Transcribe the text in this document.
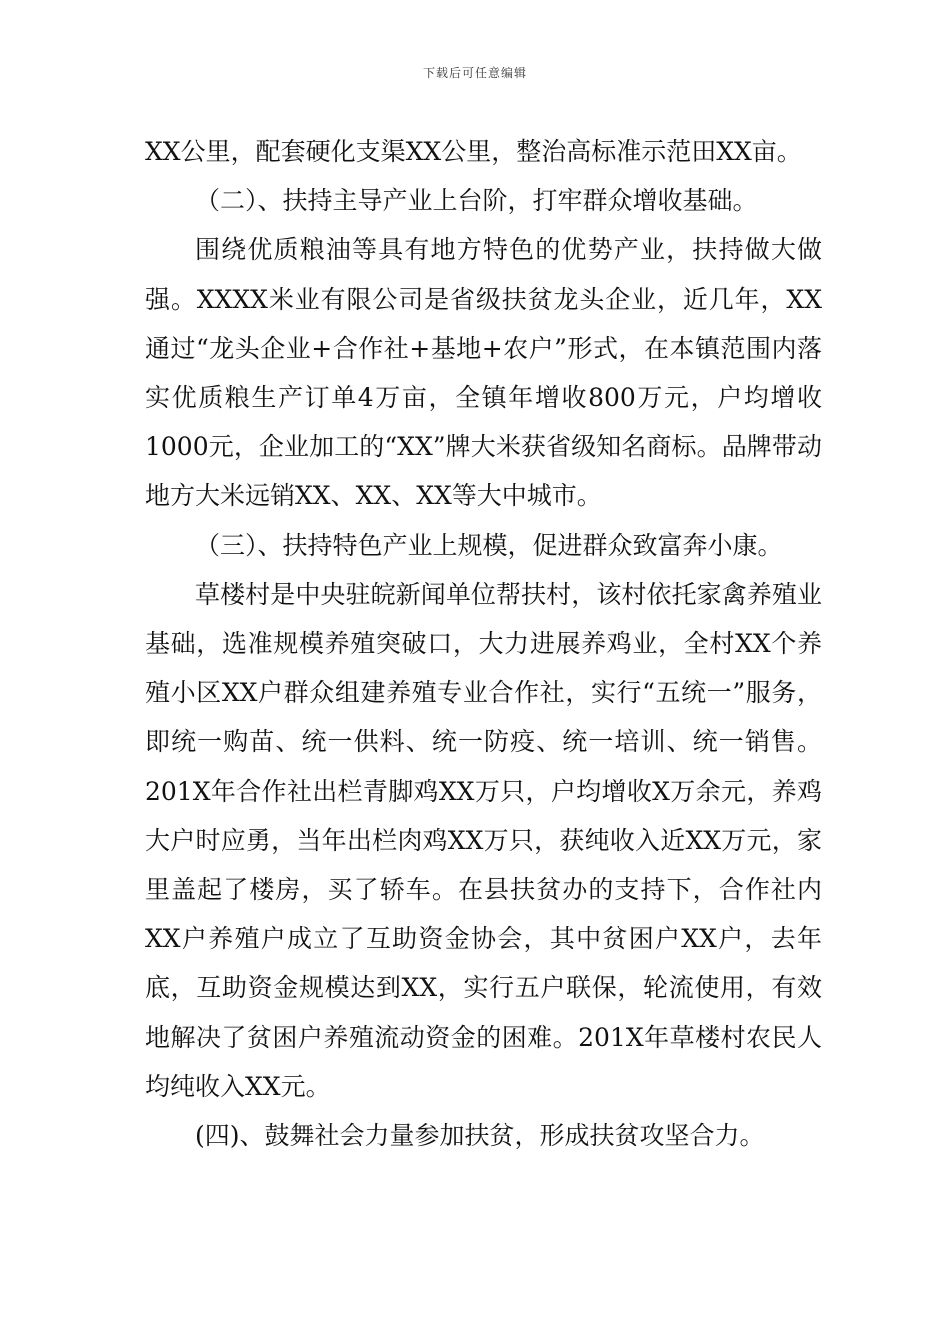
下载后可任意编辑

XX公里，配套硬化支渠XX公里，整治高标准示范田XX亩。

（二）、扶持主导产业上台阶，打牢群众增收基础。

围绕优质粮油等具有地方特色的优势产业，扶持做大做强。XXXX米业有限公司是省级扶贫龙头企业，近几年，XX通过“龙头企业+合作社+基地+农户”形式，在本镇范围内落实优质粮生产订单4万亩，全镇年增收800万元，户均增收1000元，企业加工的“XX”牌大米获省级知名商标。品牌带动地方大米远销XX、XX、XX等大中城市。

（三）、扶持特色产业上规模，促进群众致富奔小康。

草楼村是中央驻皖新闻单位帮扶村，该村依托家禽养殖业基础，选准规模养殖突破口，大力进展养鸡业，全村XX个养殖小区XX户群众组建养殖专业合作社，实行“五统一”服务，即统一购苗、统一供料、统一防疫、统一培训、统一销售。201X年合作社出栏青脚鸡XX万只，户均增收X万余元，养鸡大户时应勇，当年出栏肉鸡XX万只，获纯收入近XX万元，家里盖起了楼房，买了轿车。在县扶贫办的支持下，合作社内XX户养殖户成立了互助资金协会，其中贫困户XX户，去年底，互助资金规模达到XX，实行五户联保，轮流使用，有效地解决了贫困户养殖流动资金的困难。201X年草楼村农民人均纯收入XX元。

(四)、鼓舞社会力量参加扶贫，形成扶贫攻坚合力。
